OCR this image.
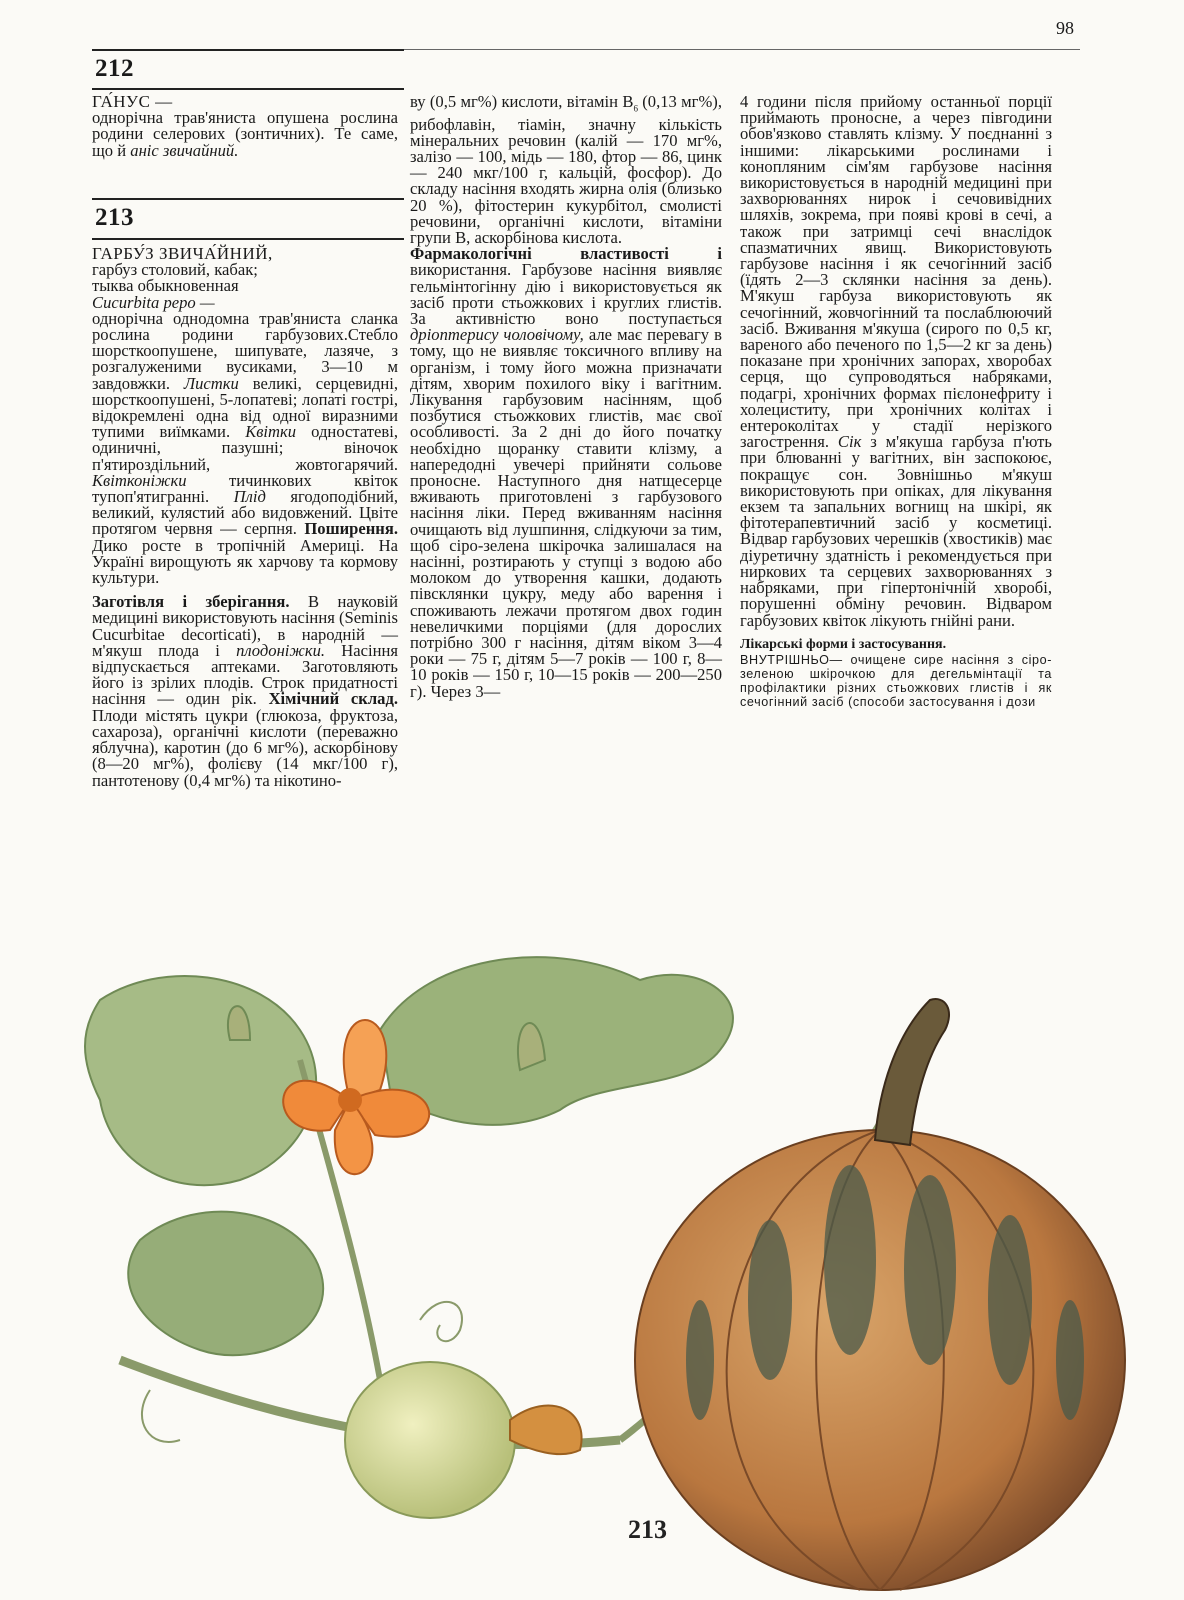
98
212

ГА́НУС —

однорічна трав'яниста опушена рослина родини селерових (зонтичних). Те саме, що й аніс звичайний.

213

ГАРБУ́З ЗВИЧА́ЙНИЙ,

гарбуз столовий, кабак;

тыква обыкновенная

Cucurbita pepo —

однорічна однодомна трав'яниста сланка рослина родини гарбузових.Стебло шорсткоопушене, шипувате, лазяче, з розгалуженими вусиками, 3—10 м завдовжки. Листки великі, серцевидні, шорсткоопушені, 5-лопатеві; лопаті гострі, відокремлені одна від одної виразними тупими виїмками. Квітки одностатеві, одиничні, пазушні; віночок п'ятироздільний, жовтогарячий. Квітконіжки	тичинкових квіток тупоп'ятигранні. Плід ягодоподібний, великий, кулястий або видовжений. Цвіте протягом червня — серпня. Поширення. Дико росте в тропічній Америці. На Україні вирощують як харчову та кормову культури.

Заготівля і зберігання. В науковій медицині використовують насіння (Seminis Cucurbitae decorticati), в народній — м'якуш плода і плодоніжки. Насіння відпускається аптеками. Заготовляють його із зрілих плодів. Строк придатності насіння — один рік. Хімічний склад. Плоди містять цукри (глюкоза, фруктоза, сахароза), органічні кислоти (переважно яблучна), каротин (до 6 мг%), аскорбінову (8—20 мг%), фолієву (14 мкг/100 г), пантотенову (0,4 мг%) та нікотино-

ву (0,5 мг%) кислоти, вітамін $В_6$ (0,13 мг%), рибофлавін, тіамін, значну кількість мінеральних речовин (калій — 170 мг%, залізо — 100, мідь — 180, фтор — 86, цинк — 240 мкг/100 г, кальцій, фосфор). До складу насіння входять жирна олія (близько 20 %), фітостерин кукурбітол, смолисті речовини, органічні кислоти, вітаміни групи В, аскорбінова кислота.

Фармакологічні властивості і використання. Гарбузове насіння виявляє гельмінтогінну дію і використовується як засіб проти стьожкових і круглих глистів. За активністю воно поступається дріоптерису чоловічому, але має перевагу в тому, що не виявляє токсичного впливу на організм, і тому його можна призначати дітям, хворим похилого віку і вагітним. Лікування гарбузовим насінням, щоб позбутися стьожкових глистів, має свої особливості. За 2 дні до його початку необхідно щоранку ставити клізму, а напередодні увечері прийняти сольове проносне. Наступного дня натщесерце вживають приготовлені з гарбузового насіння ліки. Перед вживанням насіння очищають від лушпиння, слідкуючи за тим, щоб сіро-зелена шкірочка залишалася на насінні, розтирають у ступці з водою або молоком до утворення кашки, додають півсклянки цукру, меду або варення і споживають лежачи протягом двох годин невеличкими порціями (для дорослих потрібно 300 г насіння, дітям віком 3—4 роки — 75 г, дітям 5—7 років — 100 г, 8—10 років — 150 г, 10—15 років — 200—250 г). Через 3—

4 години після прийому останньої порції приймають проносне, а через півгодини обов'язково ставлять клізму. У поєднанні з іншими: лікарськими рослинами і конопляним сім'ям гарбузове насіння використовується в народній медицині при захворюваннях нирок і сечовивідних шляхів, зокрема, при появі крові в сечі, а також при затримці сечі внаслідок спазматичних явищ. Використовують гарбузове насіння і як сечогінний засіб (їдять 2—3 склянки насіння за день). М'якуш гарбуза використовують як сечогінний, жовчогінний та послаблюючий засіб. Вживання м'якуша (сирого по 0,5 кг, вареного або печеного по 1,5—2 кг за день) показане при хронічних запорах, хворобах серця, що супроводяться набряками, подагрі, хронічних формах пієлонефриту і холециститу, при хронічних колітах і ентероколітах у стадії нерізкого загострення. Сік з м'якуша гарбуза п'ють при блюванні у вагітних, він заспокоює, покращує сон. Зовнішньо м'якуш використовують при опіках, для лікування екзем та запальних вогнищ на шкірі, як фітотерапевтичний засіб у косметиці. Відвар гарбузових черешків (хвостиків) має діуретичну здатність і рекомендується при ниркових та серцевих захворюваннях з набряками, при гіпертонічній хворобі, порушенні обміну речовин. Відваром гарбузових квіток лікують гнійні рани.

Лікарські форми і застосування.

ВНУТРІШНЬО— очищене сире насіння з сіро-зеленою шкірочкою для дегельмінтації та профілактики різних стьожкових глистів і як сечогінний засіб (способи застосування і дози

213
